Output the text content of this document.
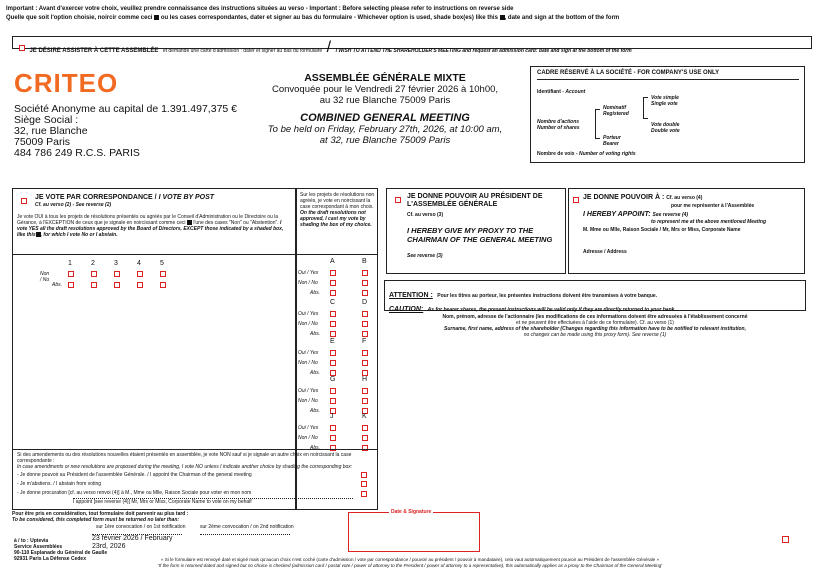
Important : Avant d'exercer votre choix, veuillez prendre connaissance des instructions situées au verso - Important : Before selecting please refer to instructions on reverse side
Quelle que soit l'option choisie, noircir comme ceci ou les cases correspondantes, dater et signer au bas du formulaire - Whichever option is used, shade box(es) like this , date and sign at the bottom of the form
JE DÉSIRE ASSISTER À CETTE ASSEMBLÉE et demande une carte d'admission : dater et signer au bas du formulaire / I WISH TO ATTEND THE SHAREHOLDER'S MEETING and request an admission card: date and sign at the bottom of the form
CRITEO
Société Anonyme au capital de 1.391.497,375 €
Siège Social :
32, rue Blanche
75009 Paris
484 786 249 R.C.S. PARIS
ASSEMBLÉE GÉNÉRALE MIXTE
Convoquée pour le Vendredi 27 février 2026 à 10h00,
au 32 rue Blanche 75009 Paris
COMBINED GENERAL MEETING
To be held on Friday, February 27th, 2026, at 10:00 am,
at 32, rue Blanche 75009 Paris
CADRE RÉSERVÉ À LA SOCIÉTÉ - FOR COMPANY'S USE ONLY
Identifiant - Account
Nominatif
Registered
Vote simple
Single vote
Nombre d'actions
Number of shares	Vote double
Double vote
Porteur
Bearer
Nombre de voix - Number of voting rights
JE VOTE PAR CORRESPONDANCE / I VOTE BY POST
Cf. au verso (2) - See reverse (2)
Je vote OUI à tous les projets de résolutions présentés ou agréés par le Conseil d'Administration ou le Directoire ou la Gérance, à l'EXCEPTION de ceux que je signale en noircissant comme ceci l'une des cases "Non" ou "Abstention". I vote YES all the draft resolutions approved by the Board of Directors, EXCEPT those indicated by a shaded box, like this , for which I vote No or I abstain.
Sur les projets de résolutions non agréés, je vote en noircissant la case correspondant à mon choix.
On the draft resolutions not approved, I cast my vote by shading the box of my choice.
1	2	3	4	5
Non / No
Abs.
A	B
Oui / Yes
Non / No
Abs.
C	D
Oui / Yes
Non / No
Abs.
E	F
Oui / Yes
Non / No
Abs.
G	H
Oui / Yes
Non / No
Abs.
J	K
Oui / Yes
Non / No
Abs.
Si des amendements ou des résolutions nouvelles étaient présentés en assemblée, je vote NON sauf si je signale un autre choix en noircissant la case correspondante :
In case amendments or new resolutions are proposed during the meeting, I vote NO unless I indicate another choice by shading the corresponding box:
- Je donne pouvoir au Président de l'assemblée Générale. / I appoint the Chairman of the general meeting
- Je m'abstiens. / I abstain from voting
- Je donne procuration [cf. au verso renvoi (4)] à M., Mme ou Mlle, Raison Sociale pour voter en mon nom
I appoint [see reverse (4)] Mr, Mrs or Miss, Corporate Name to vote on my behalf
JE DONNE POUVOIR AU PRÉSIDENT DE L'ASSEMBLÉE GÉNÉRALE
Cf. au verso (3)
I HEREBY GIVE MY PROXY TO THE CHAIRMAN OF THE GENERAL MEETING
See reverse (3)
JE DONNE POUVOIR À : Cf. au verso (4)
pour me représenter à l'Assemblée
I HEREBY APPOINT: See reverse (4)
to represent me at the above mentioned Meeting
M. Mme ou Mlle, Raison Sociale / Mr, Mrs or Miss, Corporate Name
Adresse / Address
ATTENTION : Pour les titres au porteur, les présentes instructions doivent être transmises à votre banque.
CAUTION: As for bearer shares, the present instructions will be valid only if they are directly returned to your bank.
Nom, prénom, adresse de l'actionnaire (les modifications de ces informations doivent être adressées à l'établissement concerné
et ne peuvent être effectuées à l'aide de ce formulaire). Cf. au verso (1)
Surname, first name, address of the shareholder (Changes regarding this information have to be notified to relevant institution,
no changes can be made using this proxy form). See reverse (1)
Pour être pris en considération, tout formulaire doit parvenir au plus tard :
To be considered, this completed form must be returned no later than:
sur 1ère convocation / on 1st notification	sur 2ème convocation / on 2nd notification
23 février 2026 / February 23rd, 2026
à / to : Uptevia
Service Assemblées
90-110 Esplanade du Général de Gaulle
92931 Paris La Défense Cedex
Date & Signature
« Si le formulaire est renvoyé daté et signé mais qu'aucun choix n'est coché (carte d'admission / vote par correspondance / pouvoir au président / pouvoir à mandataire), cela vaut automatiquement pouvoir au Président de l'assemblée Générale »
'If the form is returned dated and signed but no choice is checked (admission card / postal vote / power of attorney to the President / power of attorney to a representative), this automatically applies as a proxy to the Chairman of the General Meeting'
